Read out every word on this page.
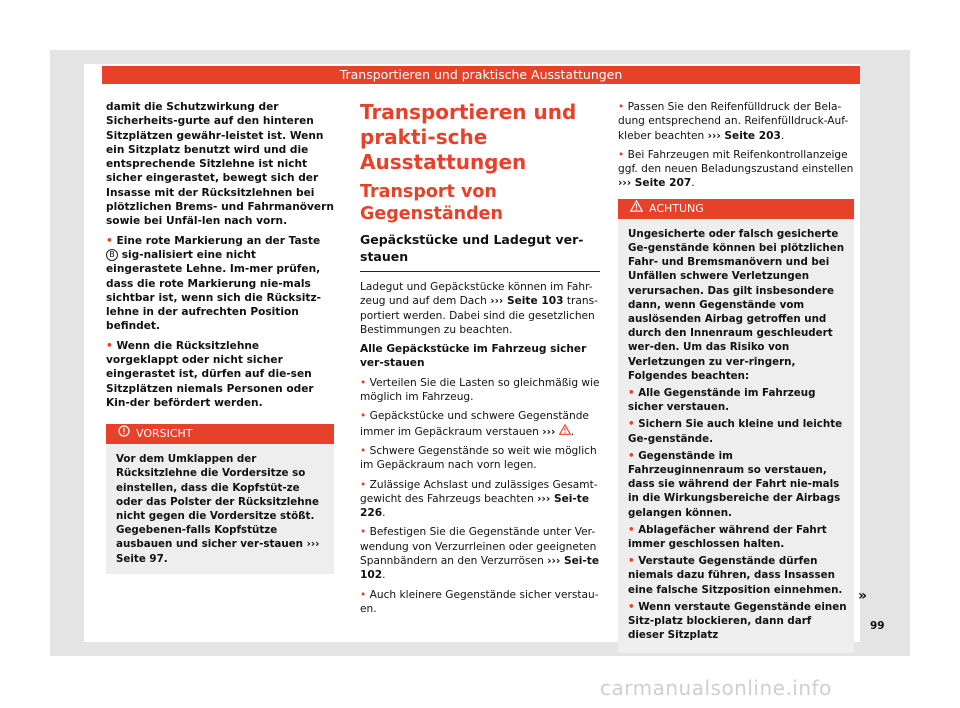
Transportieren und praktische Ausstattungen

damit die Schutzwirkung der Sicherheits-gurte auf den hinteren Sitzplätzen gewähr-leistet ist. Wenn ein Sitzplatz benutzt wird und die entsprechende Sitzlehne ist nicht sicher eingerastet, bewegt sich der Insasse mit der Rücksitzlehnen bei plötzlichen Brems- und Fahrmanövern sowie bei Unfäl-len nach vorn.

• Eine rote Markierung an der Taste B sig-nalisiert eine nicht eingerastete Lehne. Im-mer prüfen, dass die rote Markierung nie-mals sichtbar ist, wenn sich die Rücksitz-lehne in der aufrechten Position befindet.

• Wenn die Rücksitzlehne vorgeklappt oder nicht sicher eingerastet ist, dürfen auf die-sen Sitzplätzen niemals Personen oder Kin-der befördert werden.

VORSICHT
Vor dem Umklappen der Rücksitzlehne die Vordersitze so einstellen, dass die Kopfstüt-ze oder das Polster der Rücksitzlehne nicht gegen die Vordersitze stößt. Gegebenen-falls Kopfstütze ausbauen und sicher ver-stauen ››› Seite 97.
Transportieren und prakti-sche Ausstattungen
Transport von Gegenständen
Gepäckstücke und Ladegut ver-stauen

Ladegut und Gepäckstücke können im Fahr-zeug und auf dem Dach ››› Seite 103 trans-portiert werden. Dabei sind die gesetzlichen Bestimmungen zu beachten.

Alle Gepäckstücke im Fahrzeug sicher ver-stauen

• Verteilen Sie die Lasten so gleichmäßig wie möglich im Fahrzeug.

• Gepäckstücke und schwere Gegenstände immer im Gepäckraum verstauen ››› .

• Schwere Gegenstände so weit wie möglich im Gepäckraum nach vorn legen.

• Zulässige Achslast und zulässiges Gesamt-gewicht des Fahrzeugs beachten ››› Sei-te 226.

• Befestigen Sie die Gegenstände unter Ver-wendung von Verzurrleinen oder geeigneten Spannbändern an den Verzurrösen ››› Sei-te 102.

• Auch kleinere Gegenstände sicher verstau-en.

• Passen Sie den Reifenfülldruck der Bela-dung entsprechend an. Reifenfülldruck-Auf-kleber beachten ››› Seite 203.

• Bei Fahrzeugen mit Reifenkontrollanzeige ggf. den neuen Beladungszustand einstellen ››› Seite 207.

ACHTUNG

Ungesicherte oder falsch gesicherte Ge-genstände können bei plötzlichen Fahr- und Bremsmanövern und bei Unfällen schwere Verletzungen verursachen. Das gilt insbesondere dann, wenn Gegenstände vom auslösenden Airbag getroffen und durch den Innenraum geschleudert wer-den. Um das Risiko von Verletzungen zu ver-ringern, Folgendes beachten:

• Alle Gegenstände im Fahrzeug sicher verstauen.

• Sichern Sie auch kleine und leichte Ge-genstände.

• Gegenstände im Fahrzeuginnenraum so verstauen, dass sie während der Fahrt nie-mals in die Wirkungsbereiche der Airbags gelangen können.

• Ablagefächer während der Fahrt immer geschlossen halten.

• Verstaute Gegenstände dürfen niemals dazu führen, dass Insassen eine falsche Sitzposition einnehmen.

• Wenn verstaute Gegenstände einen Sitz-platz blockieren, dann darf dieser Sitzplatz

»
99
carmanualsonline.info
